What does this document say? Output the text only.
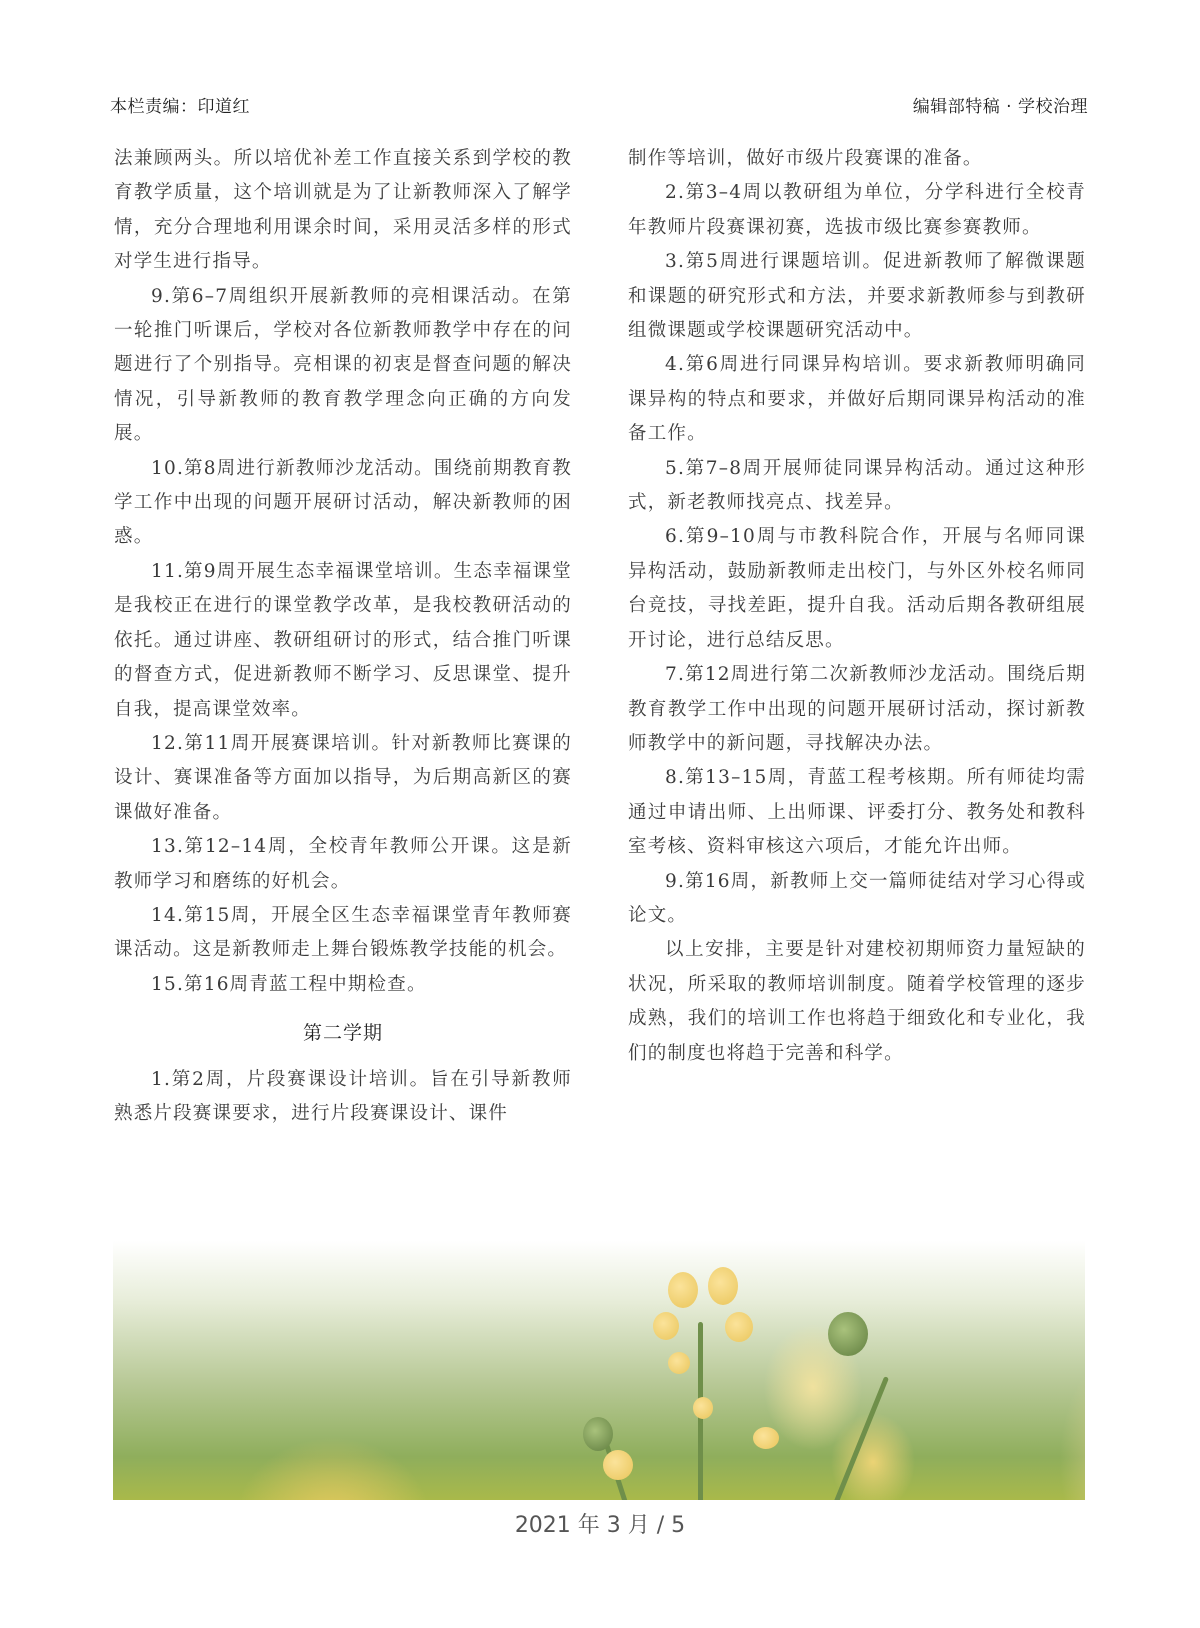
本栏责编：印道红	编辑部特稿 · 学校治理

法兼顾两头。所以培优补差工作直接关系到学校的教育教学质量，这个培训就是为了让新教师深入了解学情，充分合理地利用课余时间，采用灵活多样的形式对学生进行指导。

9.第6–7周组织开展新教师的亮相课活动。在第一轮推门听课后，学校对各位新教师教学中存在的问题进行了个别指导。亮相课的初衷是督查问题的解决情况，引导新教师的教育教学理念向正确的方向发展。

10.第8周进行新教师沙龙活动。围绕前期教育教学工作中出现的问题开展研讨活动，解决新教师的困惑。

11.第9周开展生态幸福课堂培训。生态幸福课堂是我校正在进行的课堂教学改革，是我校教研活动的依托。通过讲座、教研组研讨的形式，结合推门听课的督查方式，促进新教师不断学习、反思课堂、提升自我，提高课堂效率。

12.第11周开展赛课培训。针对新教师比赛课的设计、赛课准备等方面加以指导，为后期高新区的赛课做好准备。

13.第12–14周，全校青年教师公开课。这是新教师学习和磨练的好机会。

14.第15周，开展全区生态幸福课堂青年教师赛课活动。这是新教师走上舞台锻炼教学技能的机会。

15.第16周青蓝工程中期检查。

第二学期

1.第2周，片段赛课设计培训。旨在引导新教师熟悉片段赛课要求，进行片段赛课设计、课件

制作等培训，做好市级片段赛课的准备。

2.第3–4周以教研组为单位，分学科进行全校青年教师片段赛课初赛，选拔市级比赛参赛教师。

3.第5周进行课题培训。促进新教师了解微课题和课题的研究形式和方法，并要求新教师参与到教研组微课题或学校课题研究活动中。

4.第6周进行同课异构培训。要求新教师明确同课异构的特点和要求，并做好后期同课异构活动的准备工作。

5.第7–8周开展师徒同课异构活动。通过这种形式，新老教师找亮点、找差异。

6.第9–10周与市教科院合作，开展与名师同课异构活动，鼓励新教师走出校门，与外区外校名师同台竞技，寻找差距，提升自我。活动后期各教研组展开讨论，进行总结反思。

7.第12周进行第二次新教师沙龙活动。围绕后期教育教学工作中出现的问题开展研讨活动，探讨新教师教学中的新问题，寻找解决办法。

8.第13–15周，青蓝工程考核期。所有师徒均需通过申请出师、上出师课、评委打分、教务处和教科室考核、资料审核这六项后，才能允许出师。

9.第16周，新教师上交一篇师徒结对学习心得或论文。

以上安排，主要是针对建校初期师资力量短缺的状况，所采取的教师培训制度。随着学校管理的逐步成熟，我们的培训工作也将趋于细致化和专业化，我们的制度也将趋于完善和科学。

2021 年 3 月 / 5
